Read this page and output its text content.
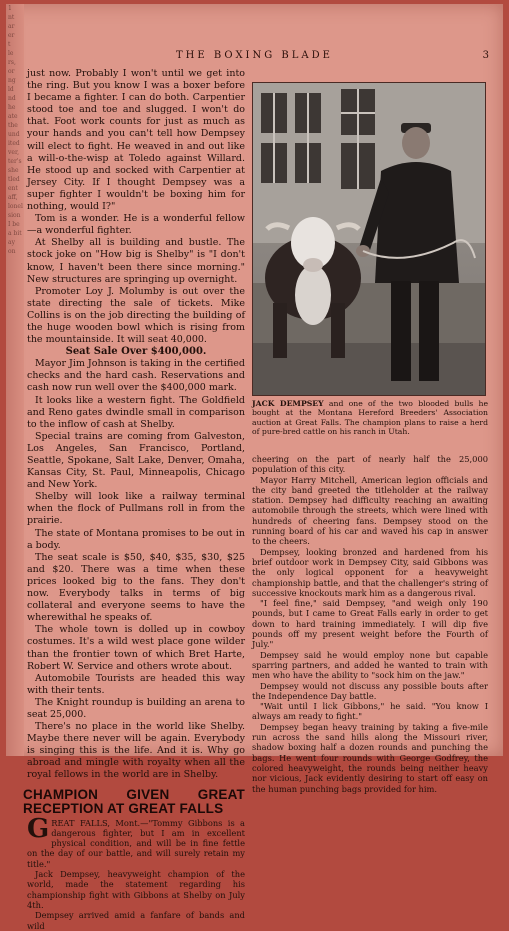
1
nt
ar
er
t
le
rs,
or
ng
ld
nd
he
ate
the
und
ited
ver,
ter's
she
tled
ent
aff,
lonel
sion
I be
a bit
ay on
THE BOXING BLADE	3

just now. Probably I won't until we get into the ring. But you know I was a boxer before I became a fighter. I can do both. Carpentier stood toe and toe and slugged. I won't do that. Foot work counts for just as much as your hands and you can't tell how Dempsey will elect to fight. He weaved in and out like a will-o-the-wisp at Toledo against Willard. He stood up and socked with Carpentier at Jersey City. If I thought Dempsey was a super fighter I wouldn't be boxing him for nothing, would I?"

Tom is a wonder. He is a wonderful fellow —a wonderful fighter.

At Shelby all is building and bustle. The stock joke on "How big is Shelby" is "I don't know, I haven't been there since morning." New structures are springing up overnight.

Promoter Loy J. Molumby is out over the state directing the sale of tickets. Mike Collins is on the job directing the building of the huge wooden bowl which is rising from the mountainside. It will seat 40,000.

Seat Sale Over $400,000.

Mayor Jim Johnson is taking in the certified checks and the hard cash. Reservations and cash now run well over the $400,000 mark.

It looks like a western fight. The Goldfield and Reno gates dwindle small in comparison to the inflow of cash at Shelby.

Special trains are coming from Galveston, Los Angeles, San Francisco, Portland, Seattle, Spokane, Salt Lake, Denver, Omaha, Kansas City, St. Paul, Minneapolis, Chicago and New York.

Shelby will look like a railway terminal when the flock of Pullmans roll in from the prairie.

The state of Montana promises to be out in a body.

The seat scale is $50, $40, $35, $30, $25 and $20. There was a time when these prices looked big to the fans. They don't now. Everybody talks in terms of big collateral and everyone seems to have the wherewithal he speaks of.

The whole town is dolled up in cowboy costumes. It's a wild west place gone wilder than the frontier town of which Bret Harte, Robert W. Service and others wrote about.

Automobile Tourists are headed this way with their tents.

The Knight roundup is building an arena to seat 25,000.

There's no place in the world like Shelby. Maybe there never will be again. Everybody is singing this is the life. And it is. Why go abroad and mingle with royalty when all the royal fellows in the world are in Shelby.

CHAMPION GIVEN GREAT RECEPTION AT GREAT FALLS
G REAT FALLS, Mont.—"Tommy Gibbons is a dangerous fighter, but I am in excellent physical condition, and will be in fine fettle on the day of our battle, and will surely retain my title."

Jack Dempsey, heavyweight champion of the world, made the statement regarding his championship fight with Gibbons at Shelby on July 4th.

Dempsey arrived amid a fanfare of bands and wild

JACK DEMPSEY and one of the two blooded bulls he bought at the Montana Hereford Breeders' Association auction at Great Falls. The champion plans to raise a herd of pure-bred cattle on his ranch in Utah.

cheering on the part of nearly half the 25,000 population of this city.

Mayor Harry Mitchell, American legion officials and the city band greeted the titleholder at the railway station. Dempsey had difficulty reaching an awaiting automobile through the streets, which were lined with hundreds of cheering fans. Dempsey stood on the running board of his car and waved his cap in answer to the cheers.

Dempsey, looking bronzed and hardened from his brief outdoor work in Dempsey City, said Gibbons was the only logical opponent for a heavyweight championship battle, and that the challenger's string of successive knockouts mark him as a dangerous rival.

"I feel fine," said Dempsey, "and weigh only 190 pounds, but I came to Great Falls early in order to get down to hard training immediately. I will dip five pounds off my present weight before the Fourth of July."

Dempsey said he would employ none but capable sparring partners, and added he wanted to train with men who have the ability to "sock him on the jaw."

Dempsey would not discuss any possible bouts after the Independence Day battle.

"Wait until I lick Gibbons," he said. "You know I always am ready to fight."

Dempsey began heavy training by taking a five-mile run across the sand hills along the Missouri river, shadow boxing half a dozen rounds and punching the bags. He went four rounds with George Godfrey, the colored heavyweight, the rounds being neither heavy nor vicious, Jack evidently desiring to start off easy on the human punching bags provided for him.
